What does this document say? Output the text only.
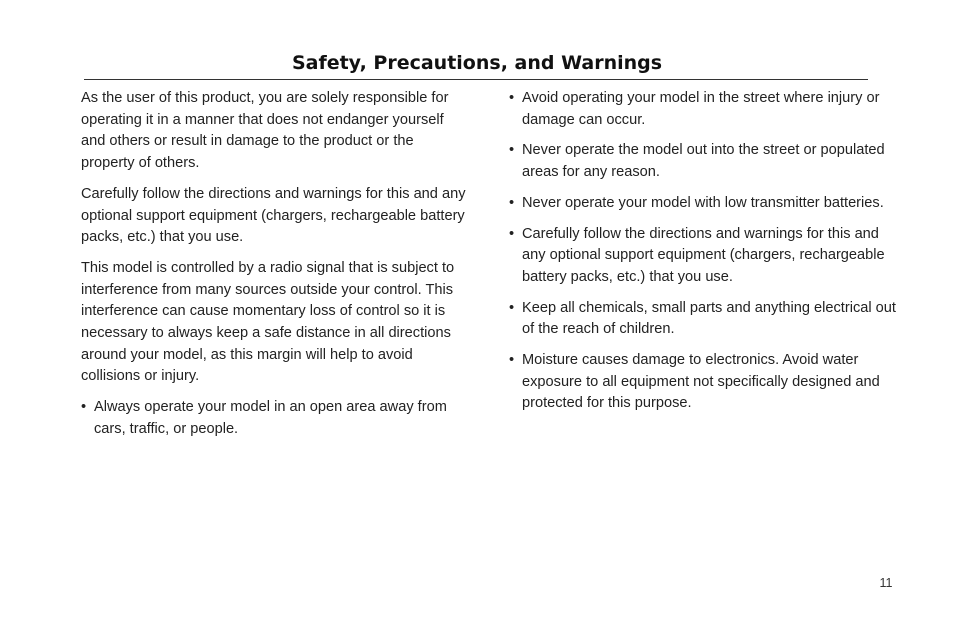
Safety, Precautions, and Warnings

As the user of this product, you are solely responsible for operating it in a manner that does not endanger yourself and others or result in damage to the product or the property of others.

Carefully follow the directions and warnings for this and any optional support equipment (chargers, rechargeable battery packs, etc.) that you use.

This model is controlled by a radio signal that is subject to interference from many sources outside your control. This interference can cause momentary loss of control so it is necessary to always keep a safe distance in all directions around your model, as this margin will help to avoid collisions or injury.

• Always operate your model in an open area away from cars, traffic, or people.
• Avoid operating your model in the street where injury or damage can occur.
• Never operate the model out into the street or populated areas for any reason.
• Never operate your model with low transmitter batteries.
• Carefully follow the directions and warnings for this and any optional support equipment (chargers, rechargeable battery packs, etc.) that you use.
• Keep all chemicals, small parts and anything electrical out of the reach of children.
• Moisture causes damage to electronics. Avoid water exposure to all equipment not specifically designed and protected for this purpose.
11
